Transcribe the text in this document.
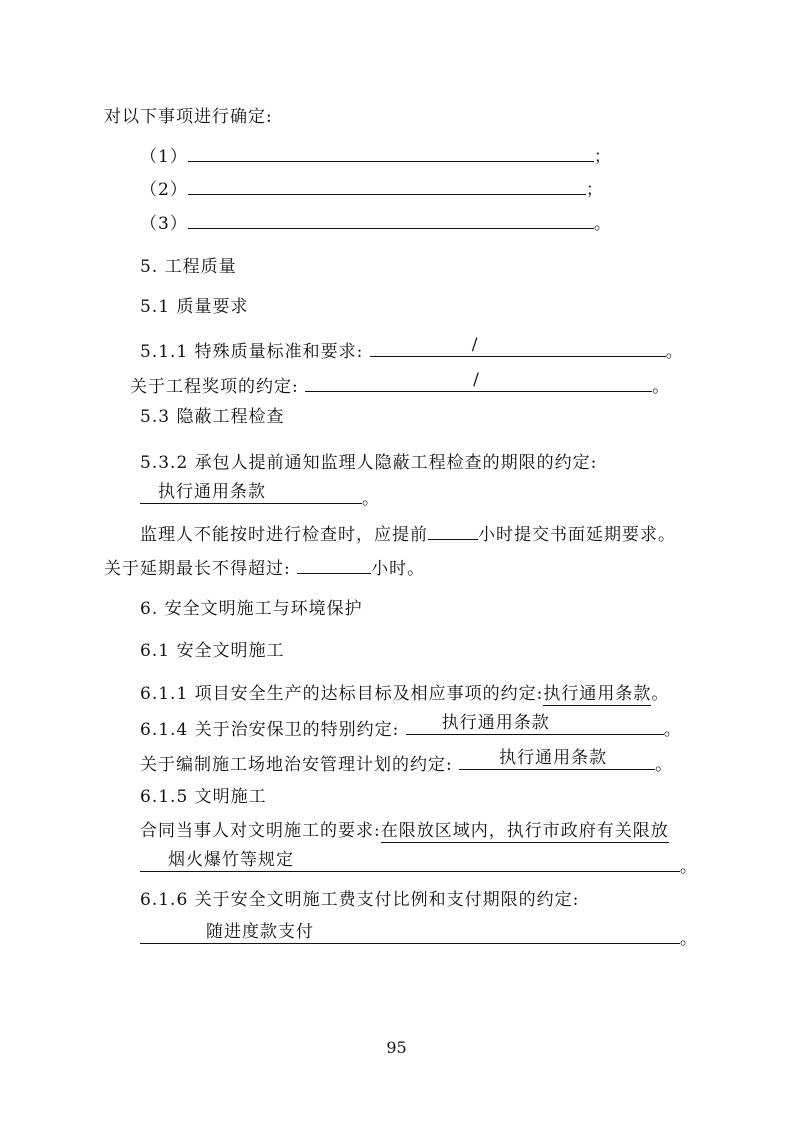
对以下事项进行确定:
（1）	；
（2）	；
（3）	。
5. 工程质量
5.1 质量要求
5.1.1 特殊质量标准和要求:	/	。
关于工程奖项的约定:	/	。
5.3 隐蔽工程检查
5.3.2 承包人提前通知监理人隐蔽工程检查的期限的约定:
执行通用条款	。
监理人不能按时进行检查时，应提前	小时提交书面延期要求。
关于延期最长不得超过:	小时。
6. 安全文明施工与环境保护
6.1 安全文明施工
6.1.1 项目安全生产的达标目标及相应事项的约定:执行通用条款。
6.1.4 关于治安保卫的特别约定: 执行通用条款	。
关于编制施工场地治安管理计划的约定:	执行通用条款	。
6.1.5 文明施工
合同当事人对文明施工的要求:在限放区域内，执行市政府有关限放
烟火爆竹等规定	。
6.1.6 关于安全文明施工费支付比例和支付期限的约定:
随进度款支付	。
95
